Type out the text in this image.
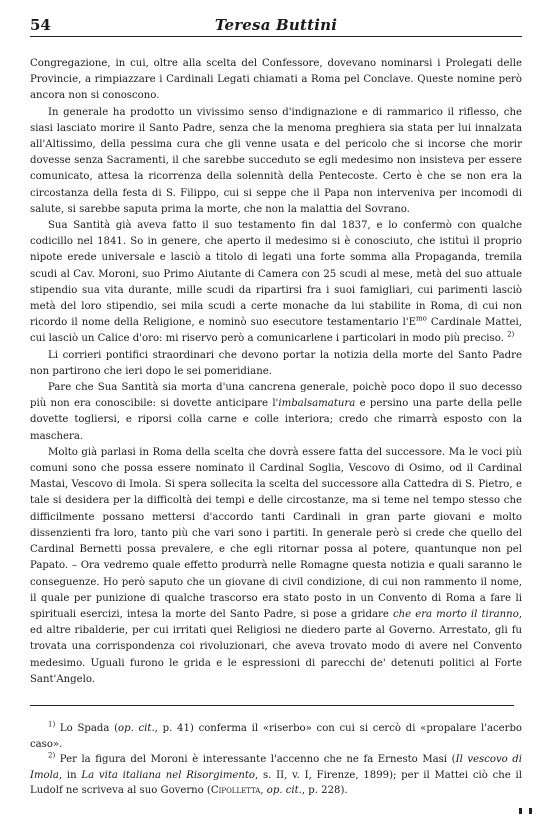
54	Teresa Buttini

Congregazione, in cui, oltre alla scelta del Confessore, dovevano nominarsi i Prolegati delle Provincie, a rimpiazzare i Cardinali Legati chiamati a Roma pel Conclave. Queste nomine però ancora non si conoscono.

In generale ha prodotto un vivissimo senso d'indignazione e di rammarico il riflesso, che siasi lasciato morire il Santo Padre, senza che la menoma preghiera sia stata per lui innalzata all'Altissimo, della pessima cura che gli venne usata e del pericolo che si incorse che morir dovesse senza Sacramenti, il che sarebbe succeduto se egli medesimo non insisteva per essere comunicato, attesa la ricorrenza della solennità della Pentecoste. Certo è che se non era la circostanza della festa di S. Filippo, cui si seppe che il Papa non interveniva per incomodi di salute, si sarebbe saputa prima la morte, che non la malattia del Sovrano.

Sua Santità già aveva fatto il suo testamento fin dal 1837, e lo confermò con qualche codicillo nel 1841. So in genere, che aperto il medesimo si è conosciuto, che istituì il proprio nipote erede universale e lasciò a titolo di legati una forte somma alla Propaganda, tremila scudi al Cav. Moroni, suo Primo Aiutante di Camera con 25 scudi al mese, metà del suo attuale stipendio sua vita durante, mille scudi da ripartirsi fra i suoi famigliari, cui parimenti lasciò metà del loro stipendio, sei mila scudi a certe monache da lui stabilite in Roma, di cui non ricordo il nome della Religione, e nominò suo esecutore testamentario $l'E^{mo}$ Cardinale Mattei, cui lasciò un Calice d'oro: mi riservo però a comunicarlene i particolari in modo più preciso. $^{2)}$

Li corrieri pontifici straordinari che devono portar la notizia della morte del Santo Padre non partirono che ieri dopo le sei pomeridiane.

Pare che Sua Santità sia morta d'una cancrena generale, poichè poco dopo il suo decesso più non era conoscibile: si dovette anticipare l'imbalsamatura e persino una parte della pelle dovette togliersi, e riporsi colla carne e colle interiora; credo che rimarrà esposto con la maschera.

Molto già parlasi in Roma della scelta che dovrà essere fatta del successore. Ma le voci più comuni sono che possa essere nominato il Cardinal Soglia, Vescovo di Osimo, od il Cardinal Mastai, Vescovo di Imola. Si spera sollecita la scelta del successore alla Cattedra di S. Pietro, e tale si desidera per la difficoltà dei tempi e delle circostanze, ma si teme nel tempo stesso che difficilmente possano mettersi d'accordo tanti Cardinali in gran parte giovani e molto dissenzienti fra loro, tanto più che vari sono i partiti. In generale però si crede che quello del Cardinal Bernetti possa prevalere, e che egli ritornar possa al potere, quantunque non pel Papato. – Ora vedremo quale effetto produrrà nelle Romagne questa notizia e quali saranno le conseguenze. Ho però saputo che un giovane di civil condizione, di cui non rammento il nome, il quale per punizione di qualche trascorso era stato posto in un Convento di Roma a fare li spirituali esercizi, intesa la morte del Santo Padre, si pose a gridare che era morto il tiranno, ed altre ribalderie, per cui irritati quei Religiosi ne diedero parte al Governo. Arrestato, gli fu trovata una corrispondenza coi rivoluzionari, che aveva trovato modo di avere nel Convento medesimo. Uguali furono le grida e le espressioni di parecchi de' detenuti politici al Forte Sant'Angelo.

$^{1)}$ Lo Spada (op. cit., p. 41) conferma il «riserbo» con cui si cercò di «propalare l'acerbo caso».

$^{2)}$ Per la figura del Moroni è interessante l'accenno che ne fa Ernesto Masi (Il vescovo di Imola, in La vita italiana nel Risorgimento, s. II, v. I, Firenze, 1899); per il Mattei ciò che il Ludolf ne scriveva al suo Governo (Cipolletta, op. cit., p. 228).
